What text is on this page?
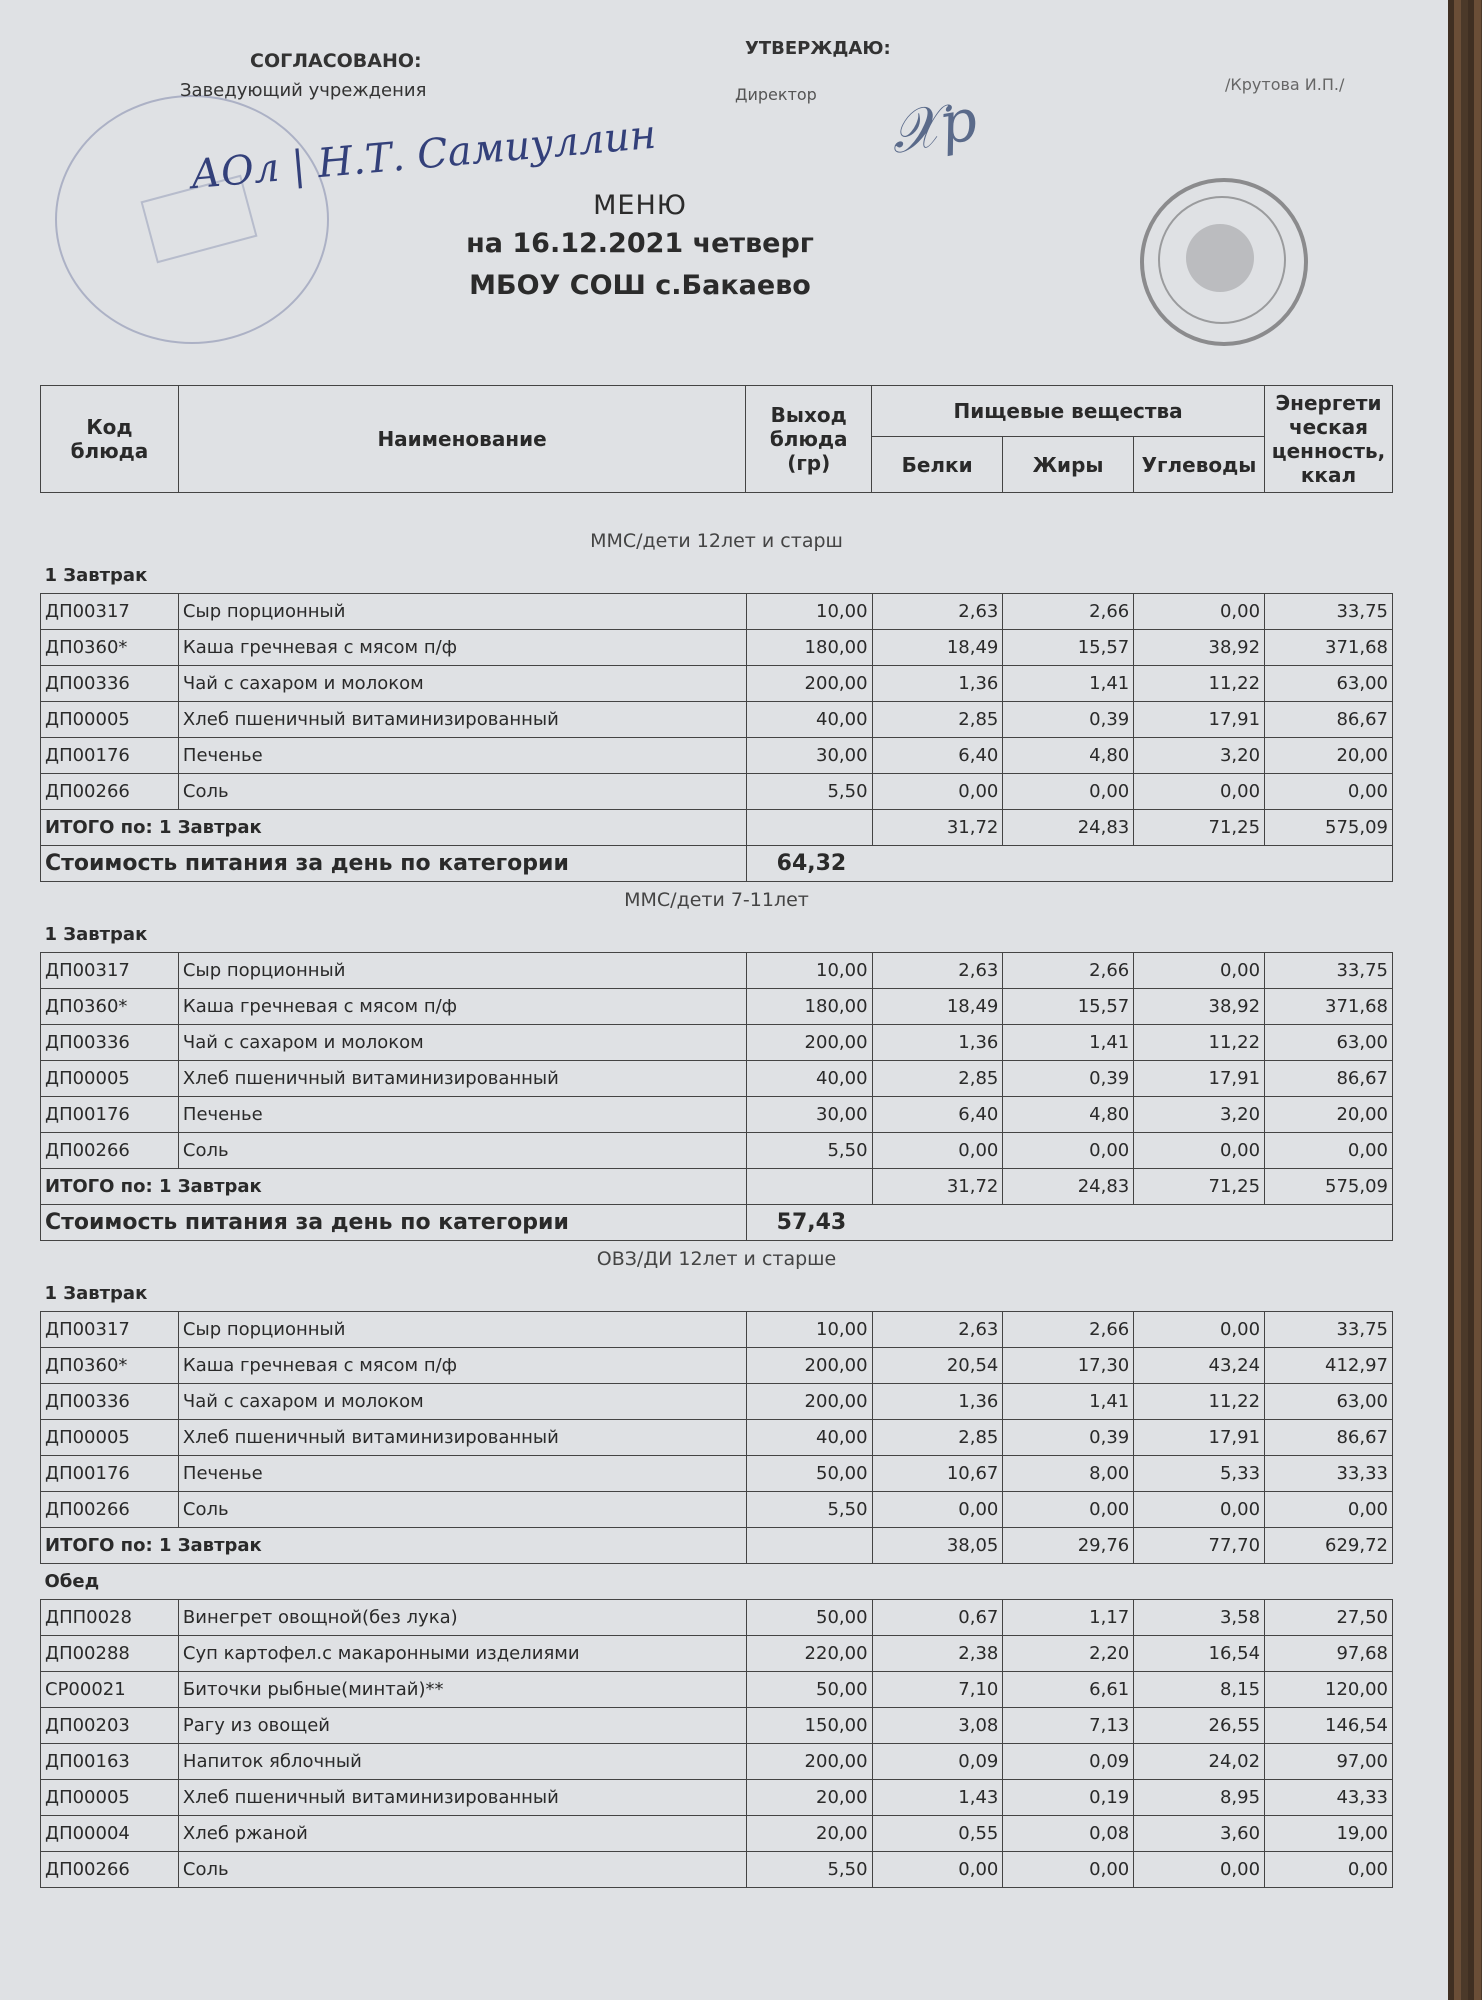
СОГЛАСОВАНО:
Заведующий учреждения
АОл | Н.Т. Самиуллин
УТВЕРЖДАЮ:
Директор 𝒳р
/Крутова И.П./
МЕНЮ
на 16.12.2021 четверг
МБОУ СОШ с.Бакаево
Код блюда	Наименование	Выход блюда (гр)	Пищевые вещества			Энергети ческая ценность, ккал
			Белки	Жиры	Углеводы	
ММС/дети 12лет и старш						
1 Завтрак						
ДП00317	Сыр порционный	10,00	2,63	2,66	0,00	33,75
ДП0360*	Каша гречневая с мясом п/ф	180,00	18,49	15,57	38,92	371,68
ДП00336	Чай с сахаром и молоком	200,00	1,36	1,41	11,22	63,00
ДП00005	Хлеб пшеничный витаминизированный	40,00	2,85	0,39	17,91	86,67
ДП00176	Печенье	30,00	6,40	4,80	3,20	20,00
ДП00266	Соль	5,50	0,00	0,00	0,00	0,00
ИТОГО по: 1 Завтрак			31,72	24,83	71,25	575,09
Стоимость питания за день по категории		64,32				
ММС/дети 7-11лет						
1 Завтрак						
ДП00317	Сыр порционный	10,00	2,63	2,66	0,00	33,75
ДП0360*	Каша гречневая с мясом п/ф	180,00	18,49	15,57	38,92	371,68
ДП00336	Чай с сахаром и молоком	200,00	1,36	1,41	11,22	63,00
ДП00005	Хлеб пшеничный витаминизированный	40,00	2,85	0,39	17,91	86,67
ДП00176	Печенье	30,00	6,40	4,80	3,20	20,00
ДП00266	Соль	5,50	0,00	0,00	0,00	0,00
ИТОГО по: 1 Завтрак			31,72	24,83	71,25	575,09
Стоимость питания за день по категории		57,43				
ОВЗ/ДИ 12лет и старше						
1 Завтрак						
ДП00317	Сыр порционный	10,00	2,63	2,66	0,00	33,75
ДП0360*	Каша гречневая с мясом п/ф	200,00	20,54	17,30	43,24	412,97
ДП00336	Чай с сахаром и молоком	200,00	1,36	1,41	11,22	63,00
ДП00005	Хлеб пшеничный витаминизированный	40,00	2,85	0,39	17,91	86,67
ДП00176	Печенье	50,00	10,67	8,00	5,33	33,33
ДП00266	Соль	5,50	0,00	0,00	0,00	0,00
ИТОГО по: 1 Завтрак			38,05	29,76	77,70	629,72
Обед						
ДПП0028	Винегрет овощной(без лука)	50,00	0,67	1,17	3,58	27,50
ДП00288	Суп картофел.с макаронными изделиями	220,00	2,38	2,20	16,54	97,68
СР00021	Биточки рыбные(минтай)**	50,00	7,10	6,61	8,15	120,00
ДП00203	Рагу из овощей	150,00	3,08	7,13	26,55	146,54
ДП00163	Напиток яблочный	200,00	0,09	0,09	24,02	97,00
ДП00005	Хлеб пшеничный витаминизированный	20,00	1,43	0,19	8,95	43,33
ДП00004	Хлеб ржаной	20,00	0,55	0,08	3,60	19,00
ДП00266	Соль	5,50	0,00	0,00	0,00	0,00
